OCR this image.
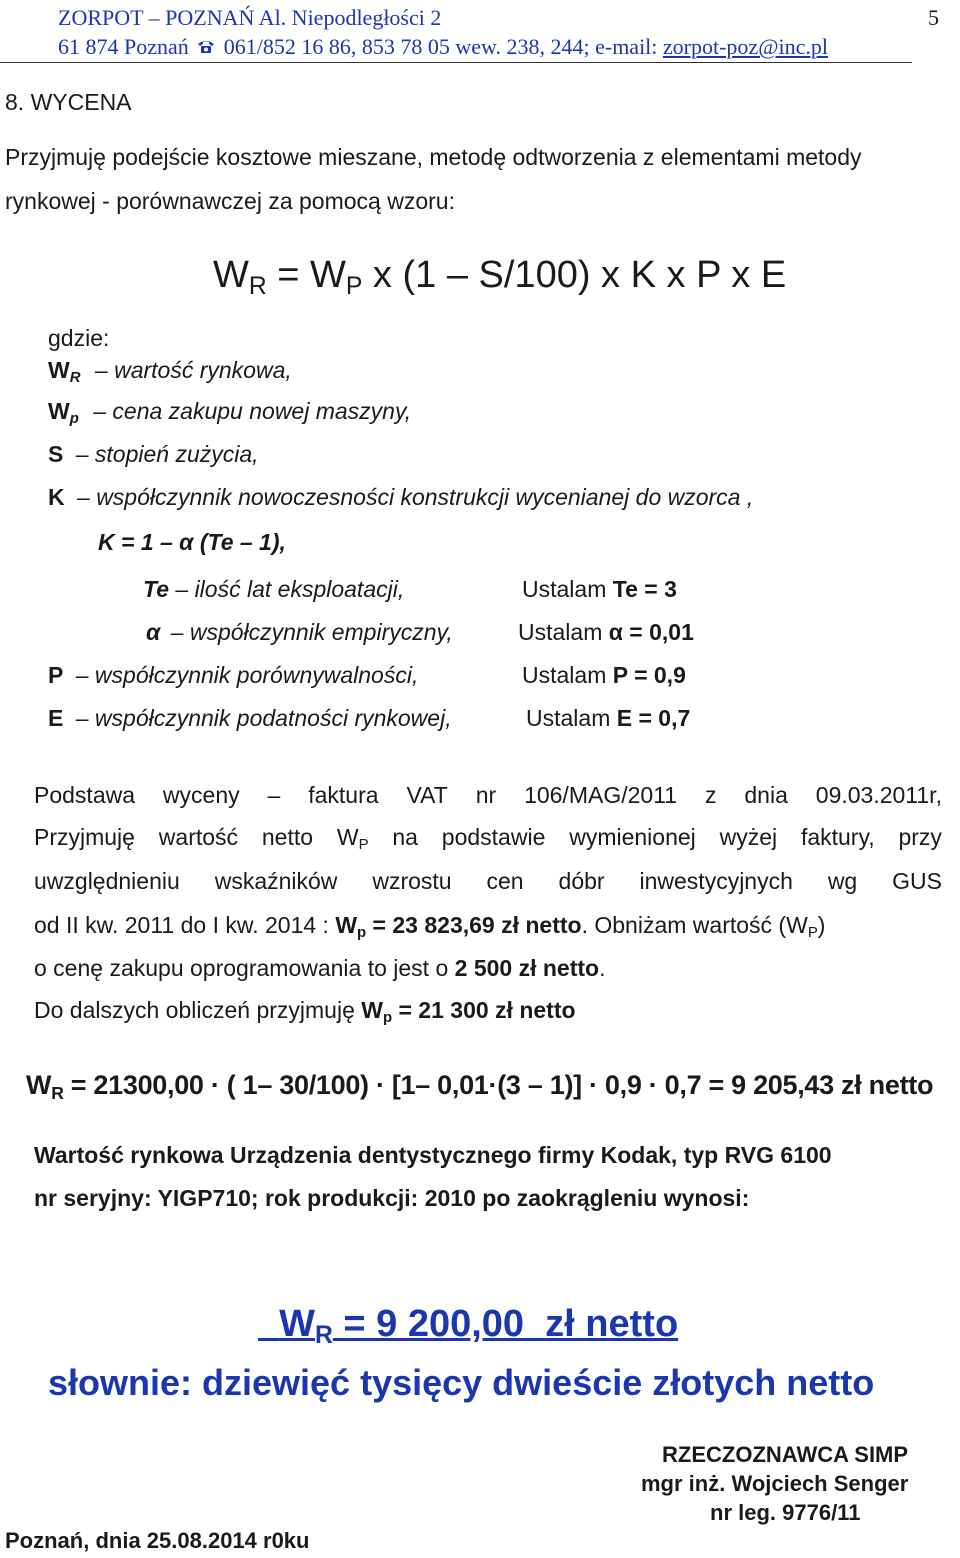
ZORPOT – POZNAŃ Al. Niepodległości 2	5
61 874 Poznań 061/852 16 86, 853 78 05 wew. 238, 244; e-mail: zorpot-poz@inc.pl
8. WYCENA
Przyjmuję podejście kosztowe mieszane, metodę odtworzenia z elementami metody
rynkowej - porównawczej za pomocą wzoru:
$W_R = W_P$ x (1 – S/100) x K x P x E
gdzie:
$W_R$ – wartość rynkowa,
$W_p$ – cena zakupu nowej maszyny,
S – stopień zużycia,
K – współczynnik nowoczesności konstrukcji wycenianej do wzorca ,
K = 1 – α (Te – 1),
Te – ilość lat eksploatacji,	Ustalam Te = 3
α – współczynnik empiryczny,	Ustalam α = 0,01
P – współczynnik porównywalności,	Ustalam P = 0,9
E – współczynnik podatności rynkowej,	Ustalam E = 0,7
Podstawa wyceny – faktura VAT nr 106/MAG/2011 z dnia 09.03.2011r,
Przyjmuję wartość netto $W_P$ na podstawie wymienionej wyżej faktury, przy
uwzględnieniu wskaźników wzrostu cen dóbr inwestycyjnych wg GUS
od II kw. 2011 do I kw. 2014 : $W_p = 23$ 823,69 zł netto. Obniżam wartość $(W_P)$
o cenę zakupu oprogramowania to jest o 2 500 zł netto.
Do dalszych obliczeń przyjmuję $W_p = 21$ 300 zł netto
$W_R = 21300,00$ · ( 1– 30/100) · [1– 0,01·(3 – 1)] · 0,9 · 0,7 = 9 205,43 zł netto
Wartość rynkowa Urządzenia dentystycznego firmy Kodak, typ RVG 6100
nr seryjny: YIGP710; rok produkcji: 2010 po zaokrągleniu wynosi:

$W_R = 9$ 200,00  zł netto

słownie: dziewięć tysięcy dwieście złotych netto
RZECZOZNAWCA SIMP
mgr inż. Wojciech Senger
nr leg. 9776/11
Poznań, dnia 25.08.2014 r0ku
